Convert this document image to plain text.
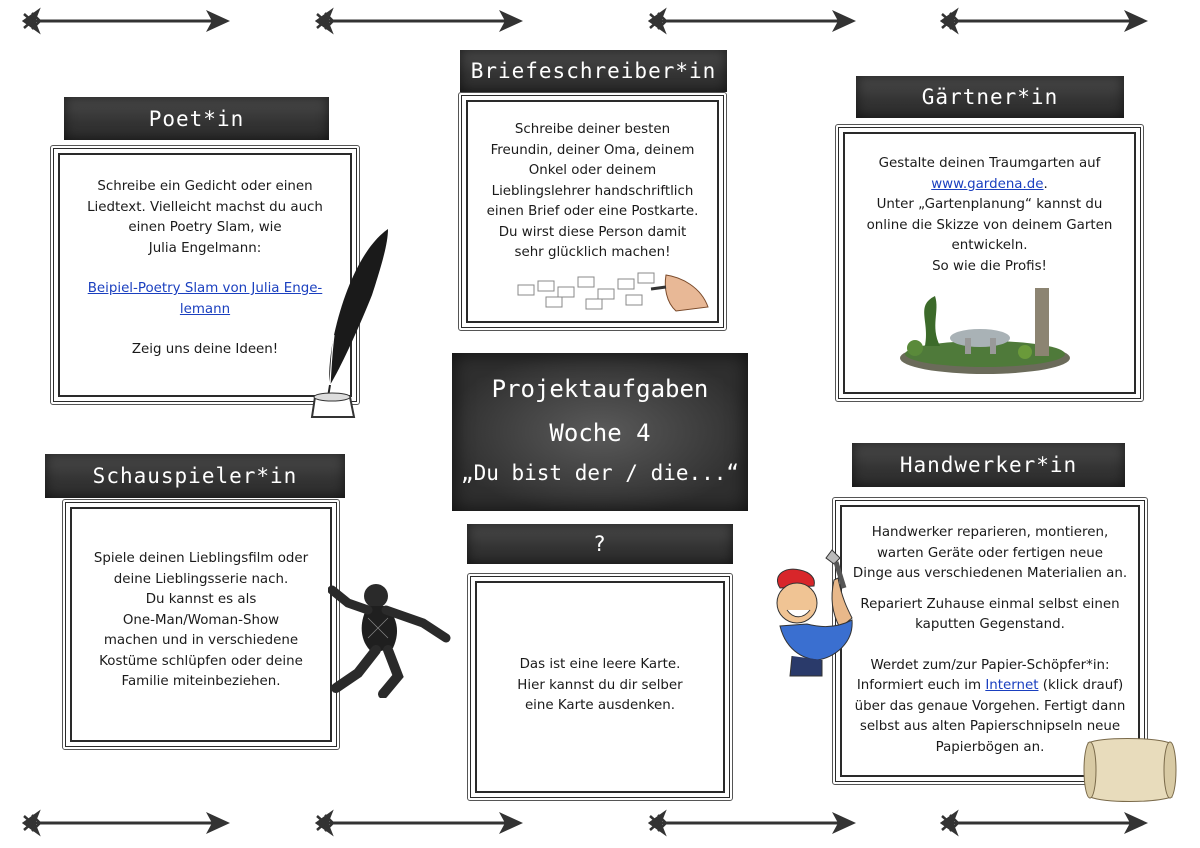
Poet*in
Schreibe ein Gedicht oder einen
Liedtext. Vielleicht machst du auch
einen Poetry Slam, wie
Julia Engelmann:
Beipiel-Poetry Slam von Julia Enge-
lemann
Zeig uns deine Ideen!
Briefeschreiber*in
Schreibe deiner besten
Freundin, deiner Oma, deinem
Onkel oder deinem
Lieblingslehrer handschriftlich
einen Brief oder eine Postkarte.
Du wirst diese Person damit
sehr glücklich machen!
Gärtner*in
Gestalte deinen Traumgarten auf
www.gardena.de.
Unter „Gartenplanung“ kannst du
online die Skizze von deinem Garten
entwickeln.
So wie die Profis!
Projektaufgaben
Woche 4
„Du bist der / die...“
Schauspieler*in
Spiele deinen Lieblingsfilm oder
deine Lieblingsserie nach.
Du kannst es als
One-Man/Woman-Show
machen und in verschiedene
Kostüme schlüpfen oder deine
Familie miteinbeziehen.
?
Das ist eine leere Karte.
Hier kannst du dir selber
eine Karte ausdenken.
Handwerker*in
Handwerker reparieren, montieren,
warten Geräte oder fertigen neue
Dinge aus verschiedenen Materialien an.
Repariert Zuhause einmal selbst einen
kaputten Gegenstand.
Werdet zum/zur Papier-Schöpfer*in:
Informiert euch im Internet (klick drauf)
über das genaue Vorgehen. Fertigt dann
selbst aus alten Papierschnipseln neue
Papierbögen an.
